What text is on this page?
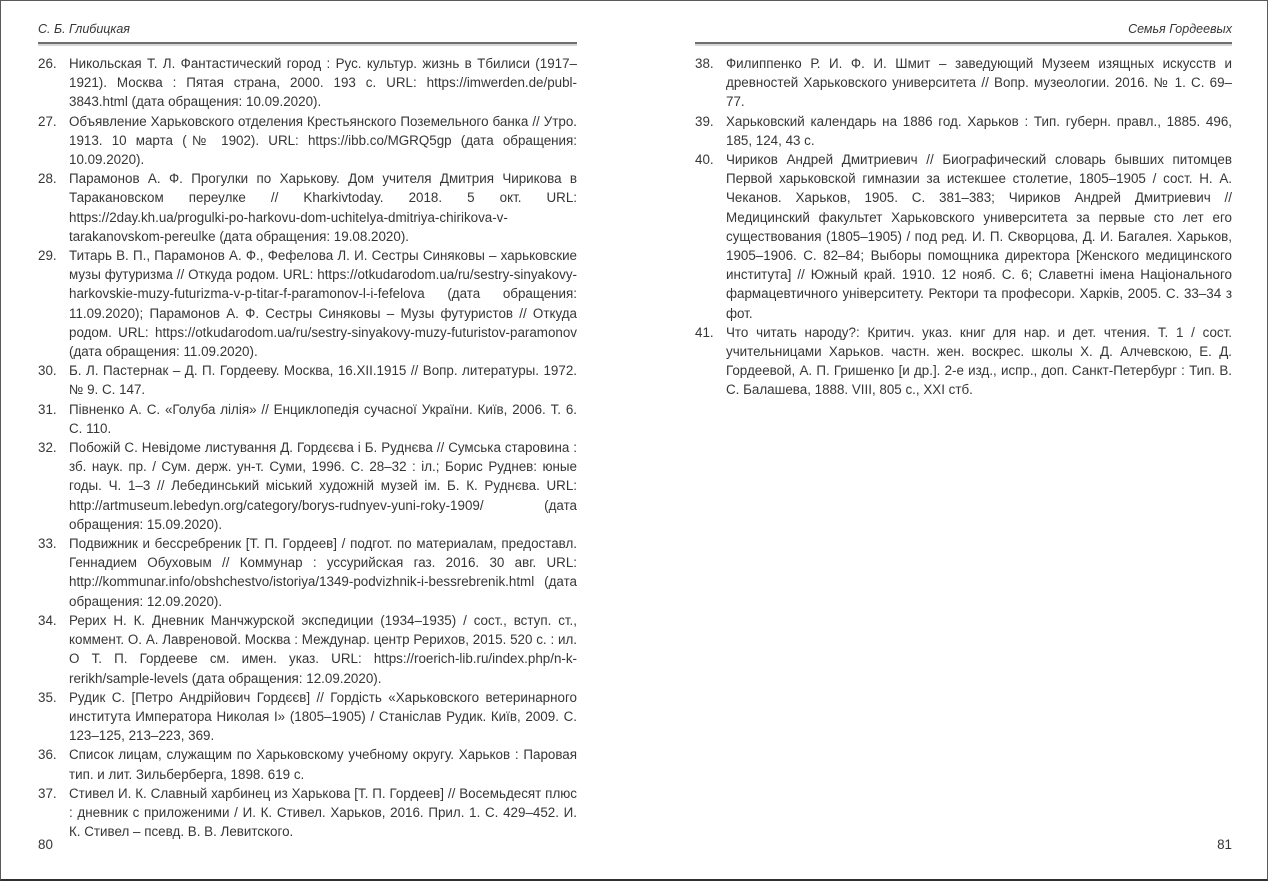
С. Б. Глибицкая
26. Никольская Т. Л. Фантастический город : Рус. культур. жизнь в Тбилиси (1917–1921). Москва : Пятая страна, 2000. 193 с. URL: https://imwerden.de/publ-3843.html (дата обращения: 10.09.2020).
27. Объявление Харьковского отделения Крестьянского Поземельного банка // Утро. 1913. 10 марта (№ 1902). URL: https://ibb.co/MGRQ5gp (дата обращения: 10.09.2020).
28. Парамонов А. Ф. Прогулки по Харькову. Дом учителя Дмитрия Чирикова в Таракановском переулке // Kharkivtoday. 2018. 5 окт. URL: https://2day.kh.ua/progulki-po-harkovu-dom-uchitelya-dmitriya-chirikova-v-tarakanovskom-pereulke (дата обращения: 19.08.2020).
29. Титарь В. П., Парамонов А. Ф., Фефелова Л. И. Сестры Синяковы – харьковские музы футуризма // Откуда родом. URL: https://otkudarodom.ua/ru/sestry-sinyakovy-harkovskie-muzy-futurizma-v-p-titar-f-paramonov-l-i-fefelova (дата обращения: 11.09.2020); Парамонов А. Ф. Сестры Синяковы – Музы футуристов // Откуда родом. URL: https://otkudarodom.ua/ru/sestry-sinyakovy-muzy-futuristov-paramonov (дата обращения: 11.09.2020).
30. Б. Л. Пастернак – Д. П. Гордееву. Москва, 16.XII.1915 // Вопр. литературы. 1972. № 9. С. 147.
31. Півненко А. С. «Голуба лілія» // Енциклопедія сучасної України. Київ, 2006. Т. 6. С. 110.
32. Побожій С. Невідоме листування Д. Гордєєва і Б. Руднєва // Сумська старовина : зб. наук. пр. / Сум. держ. ун-т. Суми, 1996. С. 28–32 : іл.; Борис Руднев: юные годы. Ч. 1–3 // Лебединський міський художній музей ім. Б. К. Руднєва. URL: http://artmuseum.lebedyn.org/category/borys-rudnyev-yuni-roky-1909/ (дата обращения: 15.09.2020).
33. Подвижник и бессребреник [Т. П. Гордеев] / подгот. по материалам, предоставл. Геннадием Обуховым // Коммунар : уссурийская газ. 2016. 30 авг. URL: http://kommunar.info/obshchestvo/istoriya/1349-podvizhnik-i-bessrebrenik.html (дата обращения: 12.09.2020).
34. Рерих Н. К. Дневник Манчжурской экспедиции (1934–1935) / сост., вступ. ст., коммент. О. А. Лавреновой. Москва : Междунар. центр Рерихов, 2015. 520 с. : ил. О Т. П. Гордееве см. имен. указ. URL: https://roerich-lib.ru/index.php/n-k-rerikh/sample-levels (дата обращения: 12.09.2020).
35. Рудик С. [Петро Андрійович Гордєєв] // Гордість «Харьковского ветеринарного института Императора Николая І» (1805–1905) / Станіслав Рудик. Київ, 2009. С. 123–125, 213–223, 369.
36. Список лицам, служащим по Харьковскому учебному округу. Харьков : Паровая тип. и лит. Зильберберга, 1898. 619 с.
37. Стивел И. К. Славный харбинец из Харькова [Т. П. Гордеев] // Восемьдесят плюс : дневник с приложеними / И. К. Стивел. Харьков, 2016. Прил. 1. С. 429–452. И. К. Стивел – псевд. В. В. Левитского.
80
Семья Гордеевых
38. Филиппенко Р. И. Ф. И. Шмит – заведующий Музеем изящных искусств и древностей Харьковского университета // Вопр. музеологии. 2016. № 1. С. 69–77.
39. Харьковский календарь на 1886 год. Харьков : Тип. губерн. правл., 1885. 496, 185, 124, 43 с.
40. Чириков Андрей Дмитриевич // Биографический словарь бывших питомцев Первой харьковской гимназии за истекшее столетие, 1805–1905 / сост. Н. А. Чеканов. Харьков, 1905. С. 381–383; Чириков Андрей Дмитриевич // Медицинский факультет Харьковского университета за первые сто лет его существования (1805–1905) / под ред. И. П. Скворцова, Д. И. Багалея. Харьков, 1905–1906. С. 82–84; Выборы помощника директора [Женского медицинского института] // Южный край. 1910. 12 нояб. С. 6; Славетні імена Національного фармацевтичного університету. Ректори та професори. Харків, 2005. С. 33–34 з фот.
41. Что читать народу?: Критич. указ. книг для нар. и дет. чтения. Т. 1 / сост. учительницами Харьков. частн. жен. воскрес. школы Х. Д. Алчевскою, Е. Д. Гордеевой, А. П. Гришенко [и др.]. 2-е изд., испр., доп. Санкт-Петербург : Тип. В. С. Балашева, 1888. VIII, 805 с., XXI стб.
81
